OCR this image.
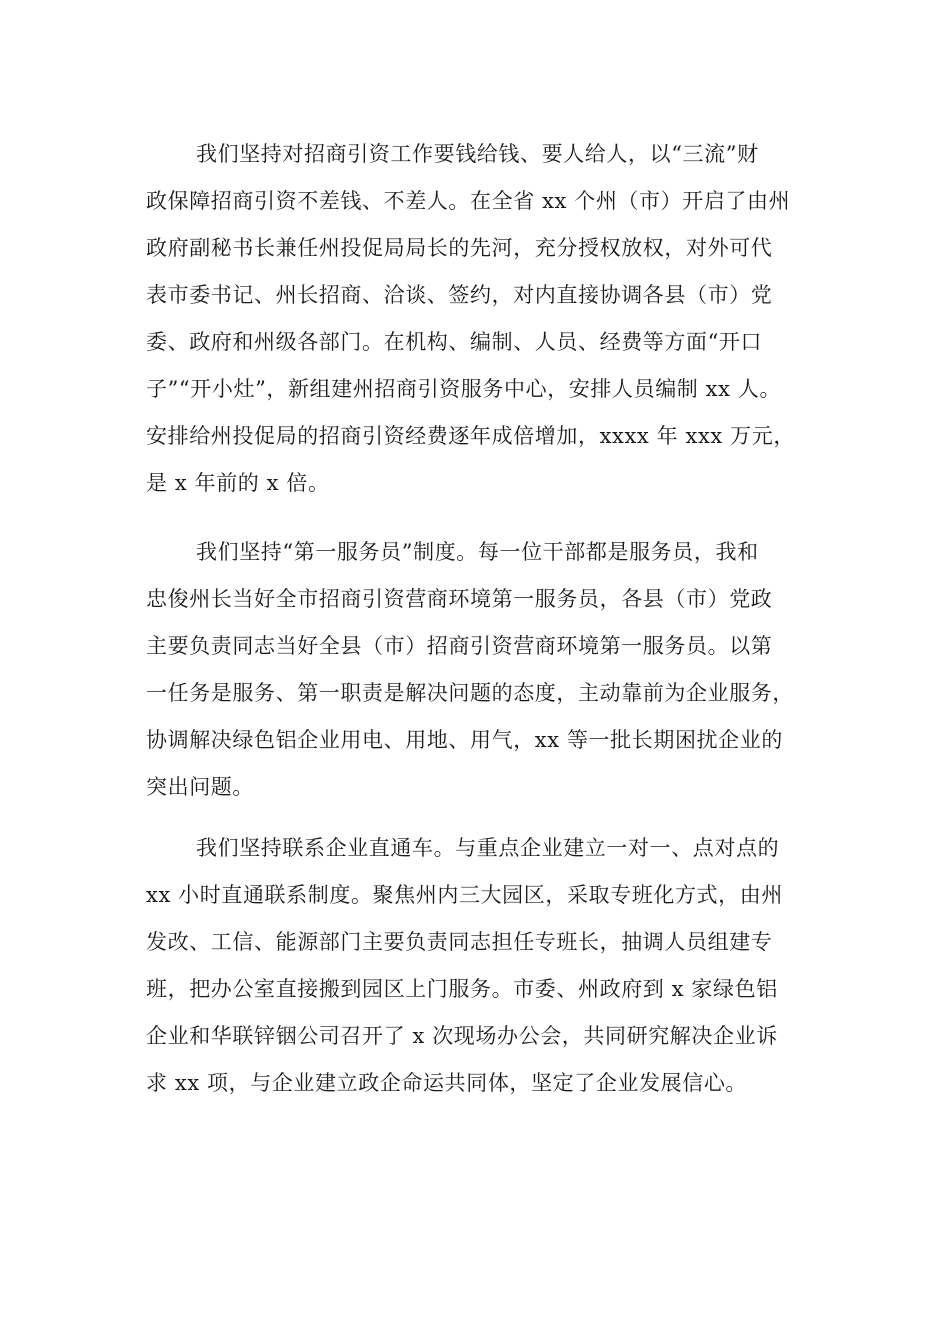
我们坚持对招商引资工作要钱给钱、要人给人，以“三流”财
政保障招商引资不差钱、不差人。在全省 xx 个州（市）开启了由州
政府副秘书长兼任州投促局局长的先河，充分授权放权，对外可代
表市委书记、州长招商、洽谈、签约，对内直接协调各县（市）党
委、政府和州级各部门。在机构、编制、人员、经费等方面“开口
子”“开小灶”，新组建州招商引资服务中心，安排人员编制 xx 人。
安排给州投促局的招商引资经费逐年成倍增加，xxxx 年 xxx 万元，
是 x 年前的 x 倍。
我们坚持“第一服务员”制度。每一位干部都是服务员，我和
忠俊州长当好全市招商引资营商环境第一服务员，各县（市）党政
主要负责同志当好全县（市）招商引资营商环境第一服务员。以第
一任务是服务、第一职责是解决问题的态度，主动靠前为企业服务，
协调解决绿色铝企业用电、用地、用气，xx 等一批长期困扰企业的
突出问题。
我们坚持联系企业直通车。与重点企业建立一对一、点对点的
xx 小时直通联系制度。聚焦州内三大园区，采取专班化方式，由州
发改、工信、能源部门主要负责同志担任专班长，抽调人员组建专
班，把办公室直接搬到园区上门服务。市委、州政府到 x 家绿色铝
企业和华联锌铟公司召开了 x 次现场办公会，共同研究解决企业诉
求 xx 项，与企业建立政企命运共同体，坚定了企业发展信心。
